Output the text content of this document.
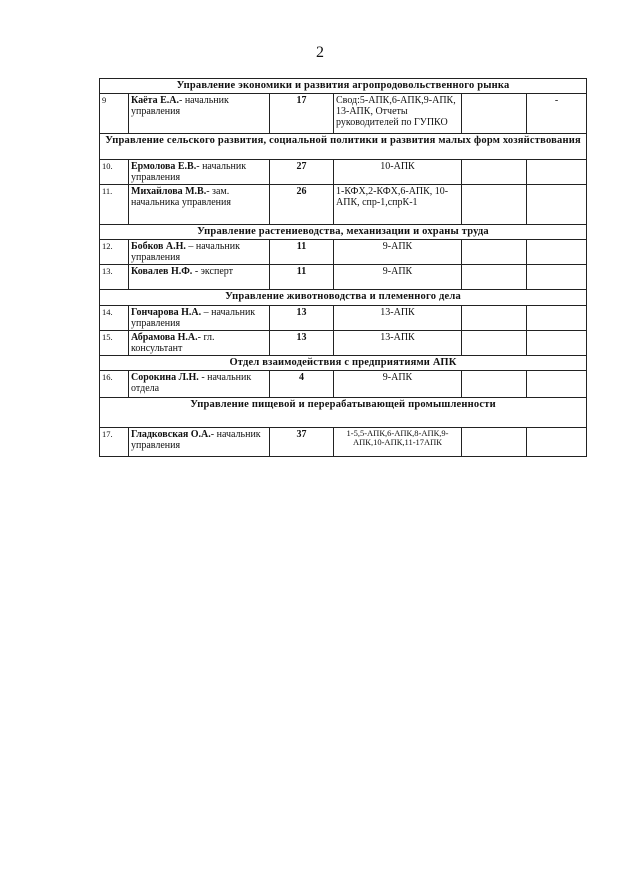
2
Управление экономики и развития агропродовольственного рынка					
9	Каёта Е.А.- начальник управления	17	Свод:5-АПК,6-АПК,9-АПК, 13-АПК, Отчеты руководителей по ГУПКО		-
Управление сельского развития, социальной политики и развития малых форм хозяйствования					
10.	Ермолова Е.В.- начальник управления	27	10-АПК		
11.	Михайлова М.В.- зам. начальника управления	26	1-КФХ,2-КФХ,6-АПК, 10-АПК, спр-1,спрК-1		
Управление растениеводства, механизации и охраны труда					
12.	Бобков А.Н. – начальник управления	11	9-АПК		
13.	Ковалев Н.Ф. - эксперт	11	9-АПК		
Управление животноводства и племенного дела					
14.	Гончарова Н.А. – начальник управления	13	13-АПК		
15.	Абрамова Н.А.- гл. консультант	13	13-АПК		
Отдел взаимодействия с предприятиями АПК					
16.	Сорокина Л.Н. - начальник отдела	4	9-АПК		
Управление пищевой и перерабатывающей промышленности					
17.	Гладковская О.А.- начальник управления	37	1-5,5-АПК,6-АПК,8-АПК,9-АПК,10-АПК,11-17АПК		
